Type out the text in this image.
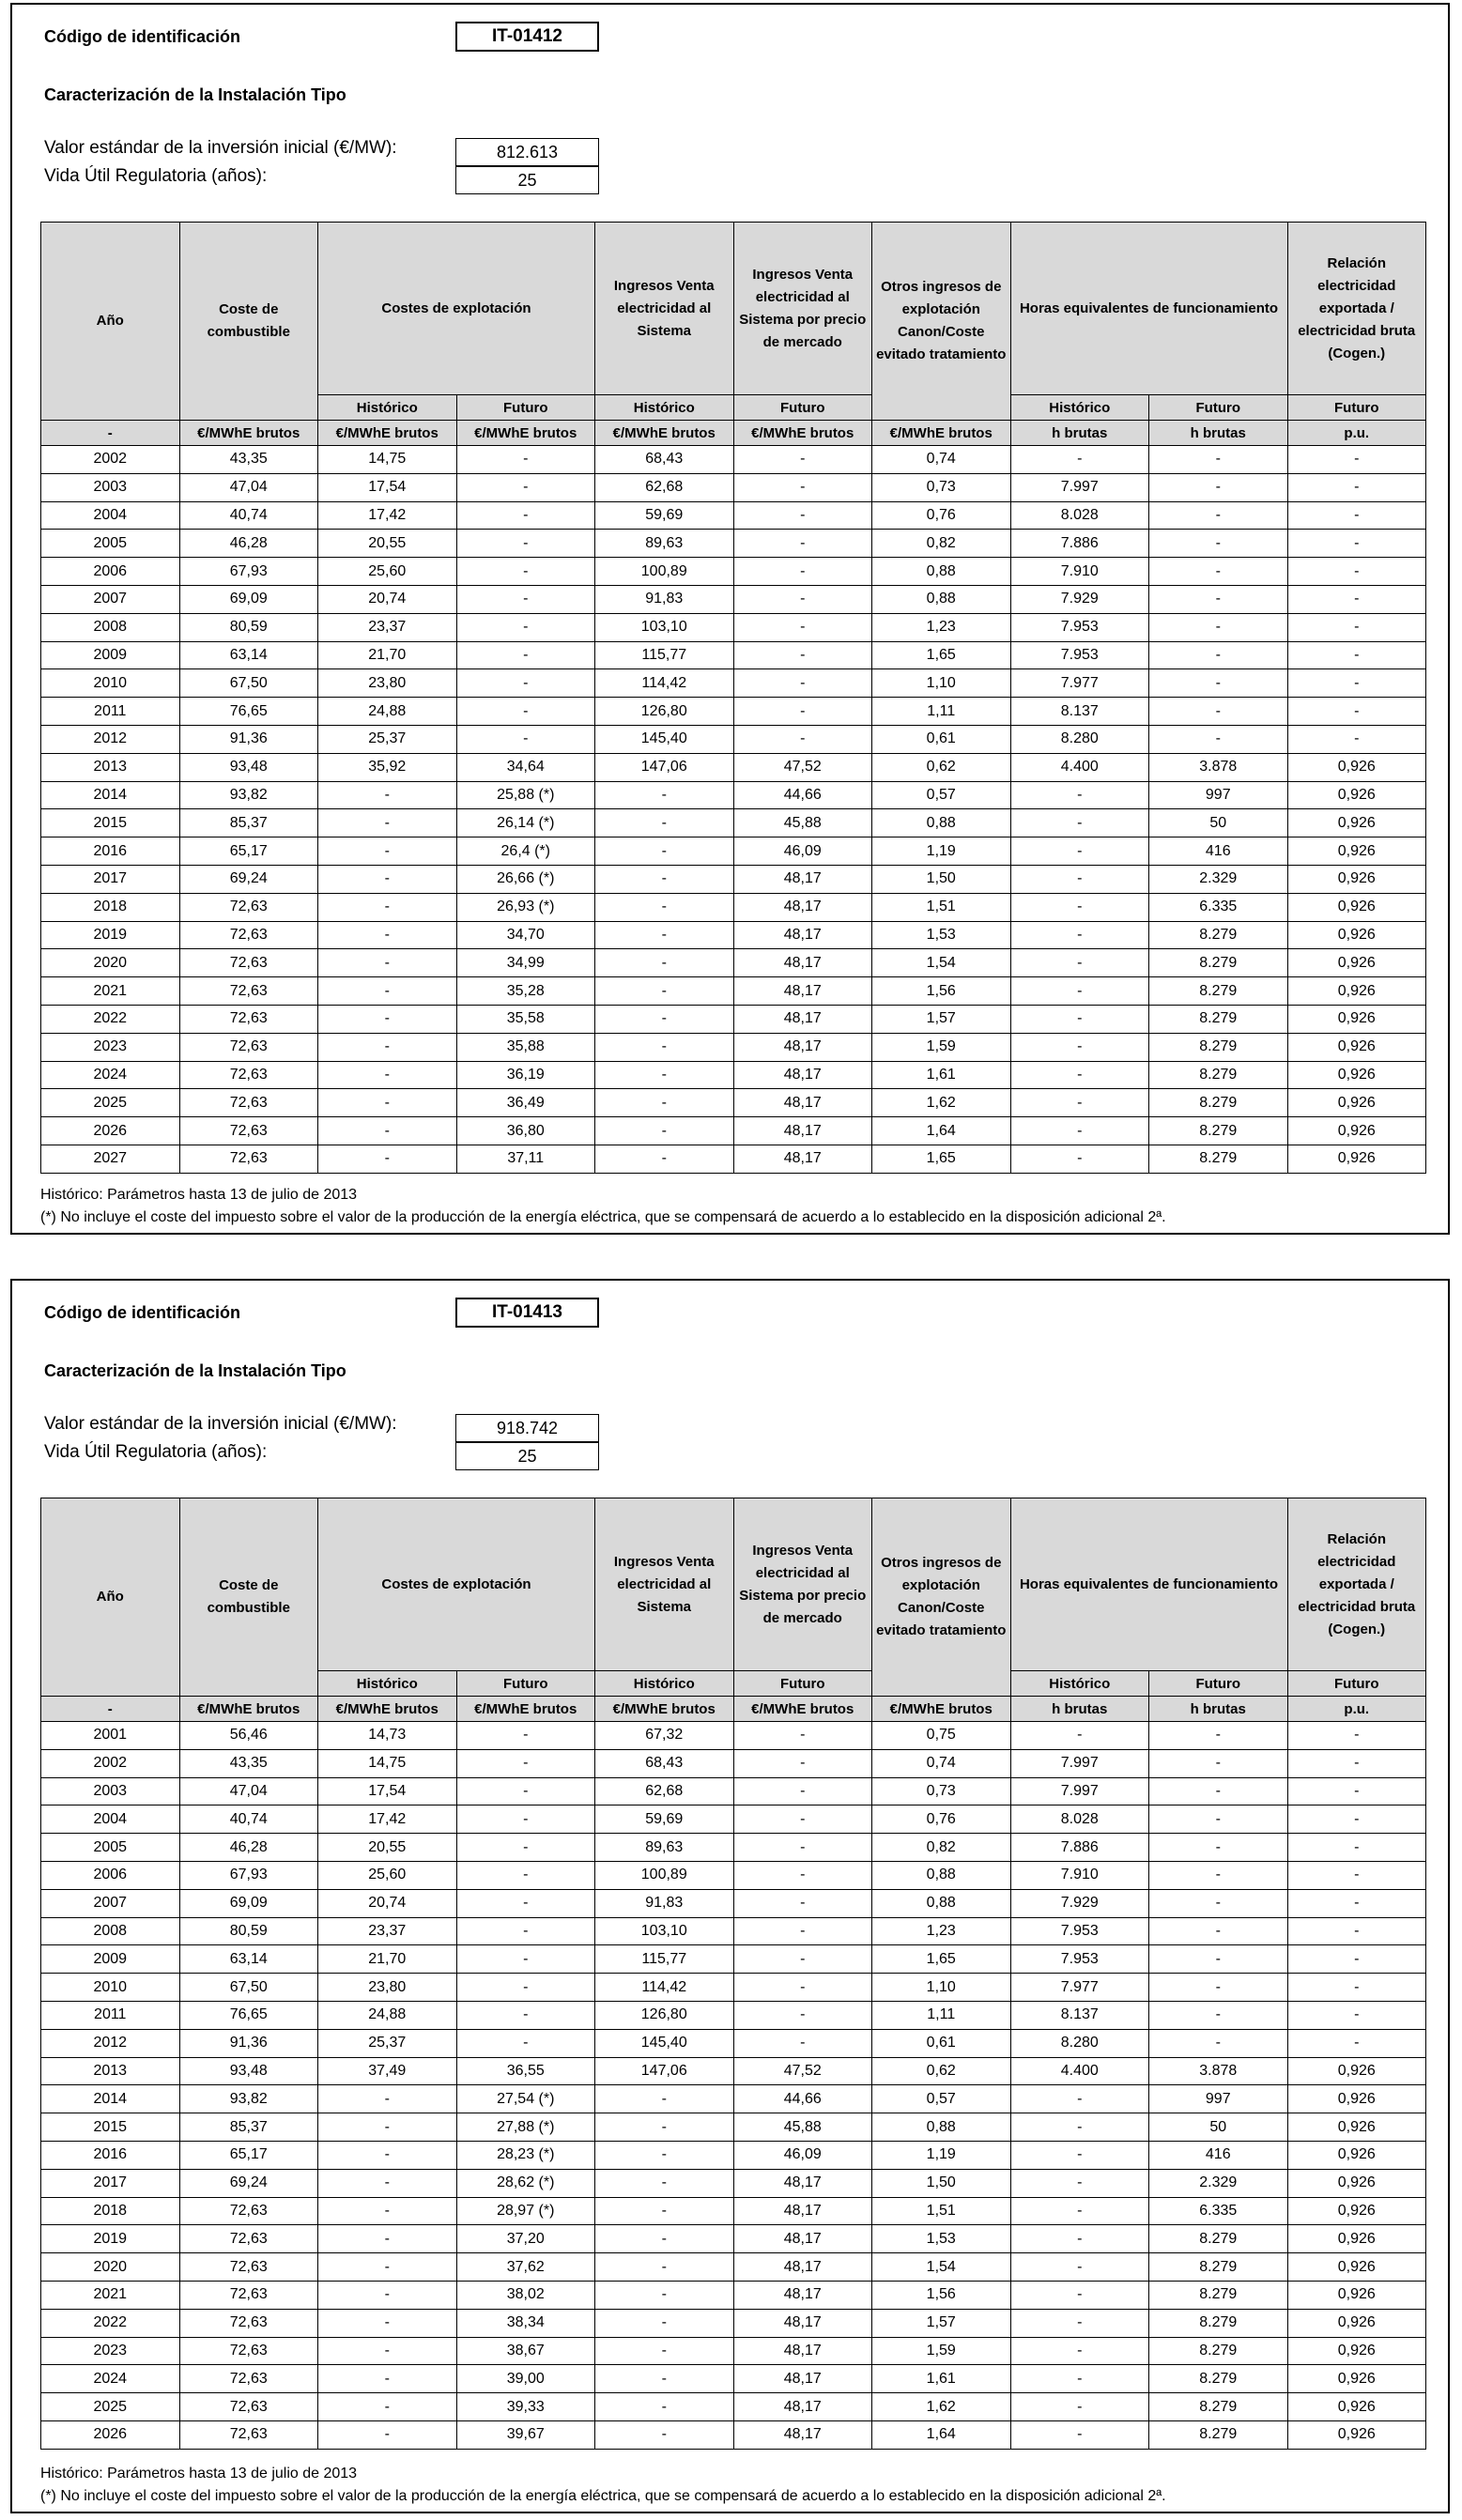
Código de identificación	IT-01412
Caracterización de la Instalación Tipo
Valor estándar de la inversión inicial (€/MW):	812.613
Vida Útil Regulatoria (años):	25
Año	Coste de combustible	Costes de explotación		Ingresos Venta electricidad al Sistema	Ingresos Venta electricidad al Sistema por precio de mercado	Otros ingresos de explotación Canon/Coste evitado tratamiento	Horas equivalentes de funcionamiento		Relación electricidad exportada / electricidad bruta (Cogen.)
		Histórico	Futuro	Histórico	Futuro		Histórico	Futuro	Futuro
-	€/MWhE brutos	€/MWhE brutos	€/MWhE brutos	€/MWhE brutos	€/MWhE brutos	€/MWhE brutos	h brutas	h brutas	p.u.
2002	43,35	14,75	-	68,43	-	0,74	-	-	-
2003	47,04	17,54	-	62,68	-	0,73	7.997	-	-
2004	40,74	17,42	-	59,69	-	0,76	8.028	-	-
2005	46,28	20,55	-	89,63	-	0,82	7.886	-	-
2006	67,93	25,60	-	100,89	-	0,88	7.910	-	-
2007	69,09	20,74	-	91,83	-	0,88	7.929	-	-
2008	80,59	23,37	-	103,10	-	1,23	7.953	-	-
2009	63,14	21,70	-	115,77	-	1,65	7.953	-	-
2010	67,50	23,80	-	114,42	-	1,10	7.977	-	-
2011	76,65	24,88	-	126,80	-	1,11	8.137	-	-
2012	91,36	25,37	-	145,40	-	0,61	8.280	-	-
2013	93,48	35,92	34,64	147,06	47,52	0,62	4.400	3.878	0,926
2014	93,82	-	25,88 (*)	-	44,66	0,57	-	997	0,926
2015	85,37	-	26,14 (*)	-	45,88	0,88	-	50	0,926
2016	65,17	-	26,4 (*)	-	46,09	1,19	-	416	0,926
2017	69,24	-	26,66 (*)	-	48,17	1,50	-	2.329	0,926
2018	72,63	-	26,93 (*)	-	48,17	1,51	-	6.335	0,926
2019	72,63	-	34,70	-	48,17	1,53	-	8.279	0,926
2020	72,63	-	34,99	-	48,17	1,54	-	8.279	0,926
2021	72,63	-	35,28	-	48,17	1,56	-	8.279	0,926
2022	72,63	-	35,58	-	48,17	1,57	-	8.279	0,926
2023	72,63	-	35,88	-	48,17	1,59	-	8.279	0,926
2024	72,63	-	36,19	-	48,17	1,61	-	8.279	0,926
2025	72,63	-	36,49	-	48,17	1,62	-	8.279	0,926
2026	72,63	-	36,80	-	48,17	1,64	-	8.279	0,926
2027	72,63	-	37,11	-	48,17	1,65	-	8.279	0,926
Histórico: Parámetros hasta 13 de julio de 2013
(*) No incluye el coste del impuesto sobre el valor de la producción de la energía eléctrica, que se compensará de acuerdo a lo establecido en la disposición adicional 2ª.
Código de identificación	IT-01413
Caracterización de la Instalación Tipo
Valor estándar de la inversión inicial (€/MW):	918.742
Vida Útil Regulatoria (años):	25
Año	Coste de combustible	Costes de explotación		Ingresos Venta electricidad al Sistema	Ingresos Venta electricidad al Sistema por precio de mercado	Otros ingresos de explotación Canon/Coste evitado tratamiento	Horas equivalentes de funcionamiento		Relación electricidad exportada / electricidad bruta (Cogen.)
		Histórico	Futuro	Histórico	Futuro		Histórico	Futuro	Futuro
-	€/MWhE brutos	€/MWhE brutos	€/MWhE brutos	€/MWhE brutos	€/MWhE brutos	€/MWhE brutos	h brutas	h brutas	p.u.
2001	56,46	14,73	-	67,32	-	0,75	-	-	-
2002	43,35	14,75	-	68,43	-	0,74	7.997	-	-
2003	47,04	17,54	-	62,68	-	0,73	7.997	-	-
2004	40,74	17,42	-	59,69	-	0,76	8.028	-	-
2005	46,28	20,55	-	89,63	-	0,82	7.886	-	-
2006	67,93	25,60	-	100,89	-	0,88	7.910	-	-
2007	69,09	20,74	-	91,83	-	0,88	7.929	-	-
2008	80,59	23,37	-	103,10	-	1,23	7.953	-	-
2009	63,14	21,70	-	115,77	-	1,65	7.953	-	-
2010	67,50	23,80	-	114,42	-	1,10	7.977	-	-
2011	76,65	24,88	-	126,80	-	1,11	8.137	-	-
2012	91,36	25,37	-	145,40	-	0,61	8.280	-	-
2013	93,48	37,49	36,55	147,06	47,52	0,62	4.400	3.878	0,926
2014	93,82	-	27,54 (*)	-	44,66	0,57	-	997	0,926
2015	85,37	-	27,88 (*)	-	45,88	0,88	-	50	0,926
2016	65,17	-	28,23 (*)	-	46,09	1,19	-	416	0,926
2017	69,24	-	28,62 (*)	-	48,17	1,50	-	2.329	0,926
2018	72,63	-	28,97 (*)	-	48,17	1,51	-	6.335	0,926
2019	72,63	-	37,20	-	48,17	1,53	-	8.279	0,926
2020	72,63	-	37,62	-	48,17	1,54	-	8.279	0,926
2021	72,63	-	38,02	-	48,17	1,56	-	8.279	0,926
2022	72,63	-	38,34	-	48,17	1,57	-	8.279	0,926
2023	72,63	-	38,67	-	48,17	1,59	-	8.279	0,926
2024	72,63	-	39,00	-	48,17	1,61	-	8.279	0,926
2025	72,63	-	39,33	-	48,17	1,62	-	8.279	0,926
2026	72,63	-	39,67	-	48,17	1,64	-	8.279	0,926
Histórico: Parámetros hasta 13 de julio de 2013
(*) No incluye el coste del impuesto sobre el valor de la producción de la energía eléctrica, que se compensará de acuerdo a lo establecido en la disposición adicional 2ª.
